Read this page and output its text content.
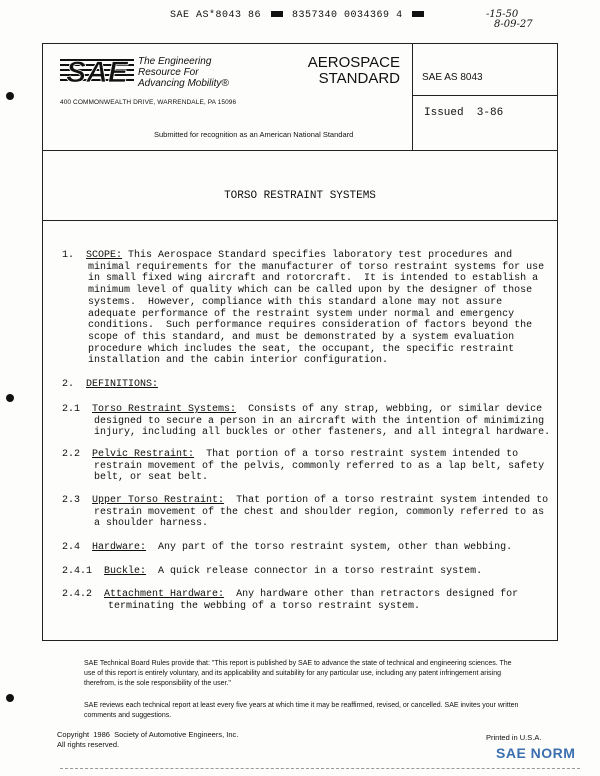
SAE AS*8043 86	8357340 0034369 4	-15-50
8-09-27
SAE The Engineering
Resource For
Advancing Mobility®
400 COMMONWEALTH DRIVE, WARRENDALE, PA 15096
AEROSPACE
STANDARD SAE AS 8043
Issued  3-86
Submitted for recognition as an American National Standard
TORSO RESTRAINT SYSTEMS
1. SCOPE: This Aerospace Standard specifies laboratory test procedures and
minimal requirements for the manufacturer of torso restraint systems for use
in small fixed wing aircraft and rotorcraft.  It is intended to establish a
minimum level of quality which can be called upon by the designer of those
systems.  However, compliance with this standard alone may not assure
adequate performance of the restraint system under normal and emergency
conditions.  Such performance requires consideration of factors beyond the
scope of this standard, and must be demonstrated by a system evaluation
procedure which includes the seat, the occupant, the specific restraint
installation and the cabin interior configuration.
2. DEFINITIONS:
2.1 Torso Restraint Systems:  Consists of any strap, webbing, or similar device
designed to secure a person in an aircraft with the intention of minimizing
injury, including all buckles or other fasteners, and all integral hardware.
2.2 Pelvic Restraint:  That portion of a torso restraint system intended to
restrain movement of the pelvis, commonly referred to as a lap belt, safety
belt, or seat belt.
2.3 Upper Torso Restraint:  That portion of a torso restraint system intended to
restrain movement of the chest and shoulder region, commonly referred to as
a shoulder harness.
2.4 Hardware:  Any part of the torso restraint system, other than webbing.
2.4.1 Buckle:  A quick release connector in a torso restraint system.
2.4.2 Attachment Hardware:  Any hardware other than retractors designed for
terminating the webbing of a torso restraint system.
SAE Technical Board Rules provide that: "This report is published by SAE to advance the state of technical and engineering sciences. The use of this report is entirely voluntary, and its applicability and suitability for any particular use, including any patent infringement arising therefrom, is the sole responsibility of the user."
SAE reviews each technical report at least every five years at which time it may be reaffirmed, revised, or cancelled. SAE invites your written comments and suggestions.
Copyright  1986  Society of Automotive Engineers, Inc.
All rights reserved.
Printed in U.S.A.
SAE NORM
